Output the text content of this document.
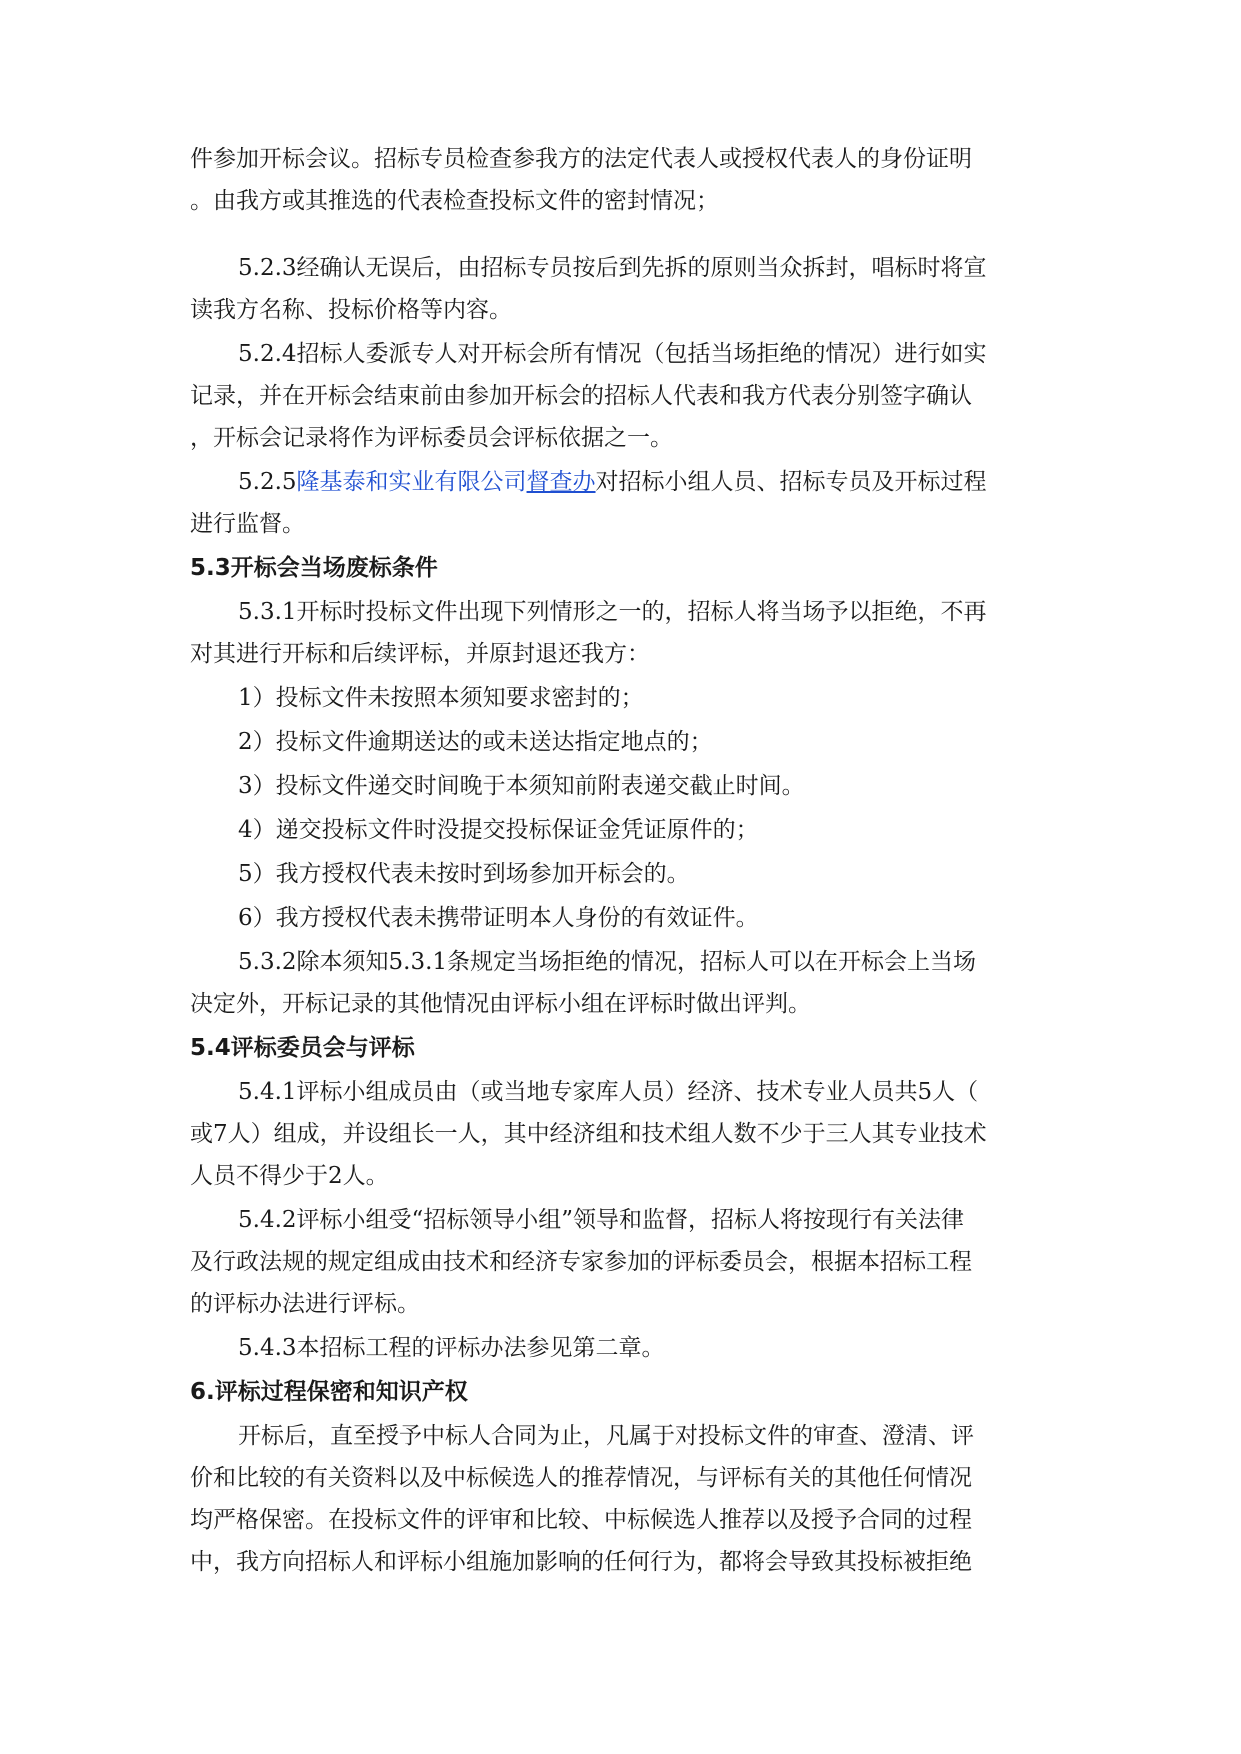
件参加开标会议。招标专员检查参我方的法定代表人或授权代表人的身份证明
。由我方或其推选的代表检查投标文件的密封情况；
5.2.3经确认无误后，由招标专员按后到先拆的原则当众拆封，唱标时将宣
读我方名称、投标价格等内容。
5.2.4招标人委派专人对开标会所有情况（包括当场拒绝的情况）进行如实
记录，并在开标会结束前由参加开标会的招标人代表和我方代表分别签字确认
，开标会记录将作为评标委员会评标依据之一。
5.2.5隆基泰和实业有限公司督查办对招标小组人员、招标专员及开标过程
进行监督。
5.3开标会当场废标条件
5.3.1开标时投标文件出现下列情形之一的，招标人将当场予以拒绝，不再
对其进行开标和后续评标，并原封退还我方：
1）投标文件未按照本须知要求密封的；
2）投标文件逾期送达的或未送达指定地点的；
3）投标文件递交时间晚于本须知前附表递交截止时间。
4）递交投标文件时没提交投标保证金凭证原件的；
5）我方授权代表未按时到场参加开标会的。
6）我方授权代表未携带证明本人身份的有效证件。
5.3.2除本须知5.3.1条规定当场拒绝的情况，招标人可以在开标会上当场
决定外，开标记录的其他情况由评标小组在评标时做出评判。
5.4评标委员会与评标
5.4.1评标小组成员由（或当地专家库人员）经济、技术专业人员共5人（
或7人）组成，并设组长一人，其中经济组和技术组人数不少于三人其专业技术
人员不得少于2人。
5.4.2评标小组受“招标领导小组”领导和监督，招标人将按现行有关法律
及行政法规的规定组成由技术和经济专家参加的评标委员会，根据本招标工程
的评标办法进行评标。
5.4.3本招标工程的评标办法参见第二章。
6.评标过程保密和知识产权
开标后，直至授予中标人合同为止，凡属于对投标文件的审查、澄清、评
价和比较的有关资料以及中标候选人的推荐情况，与评标有关的其他任何情况
均严格保密。在投标文件的评审和比较、中标候选人推荐以及授予合同的过程
中，我方向招标人和评标小组施加影响的任何行为，都将会导致其投标被拒绝
